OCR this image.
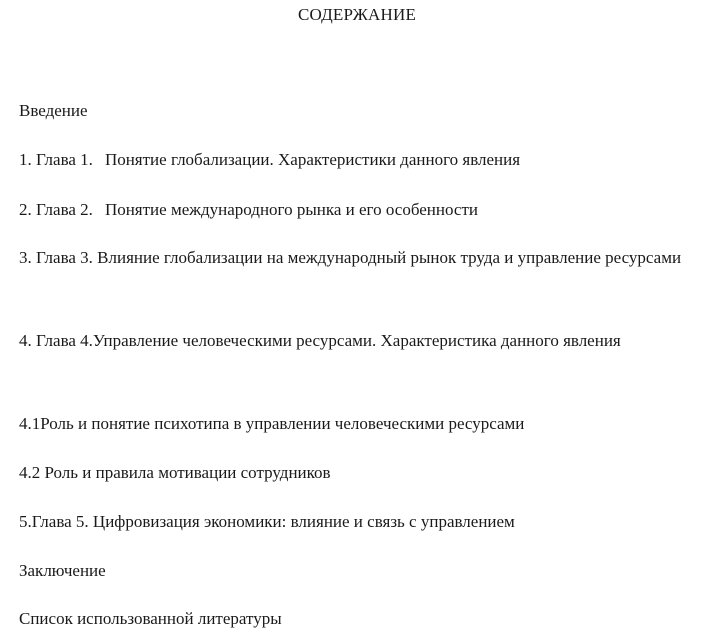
СОДЕРЖАНИЕ
Введение
1. Глава 1. Понятие глобализации. Характеристики данного явления
2. Глава 2. Понятие международного рынка и его особенности
3. Глава 3. Влияние глобализации на международный рынок труда и управление ресурсами
4. Глава 4.Управление человеческими ресурсами. Характеристика данного явления
4.1Роль и понятие психотипа в управлении человеческими ресурсами
4.2 Роль и правила мотивации сотрудников
5.Глава 5. Цифровизация экономики: влияние и связь с управлением
Заключение
Список использованной литературы
